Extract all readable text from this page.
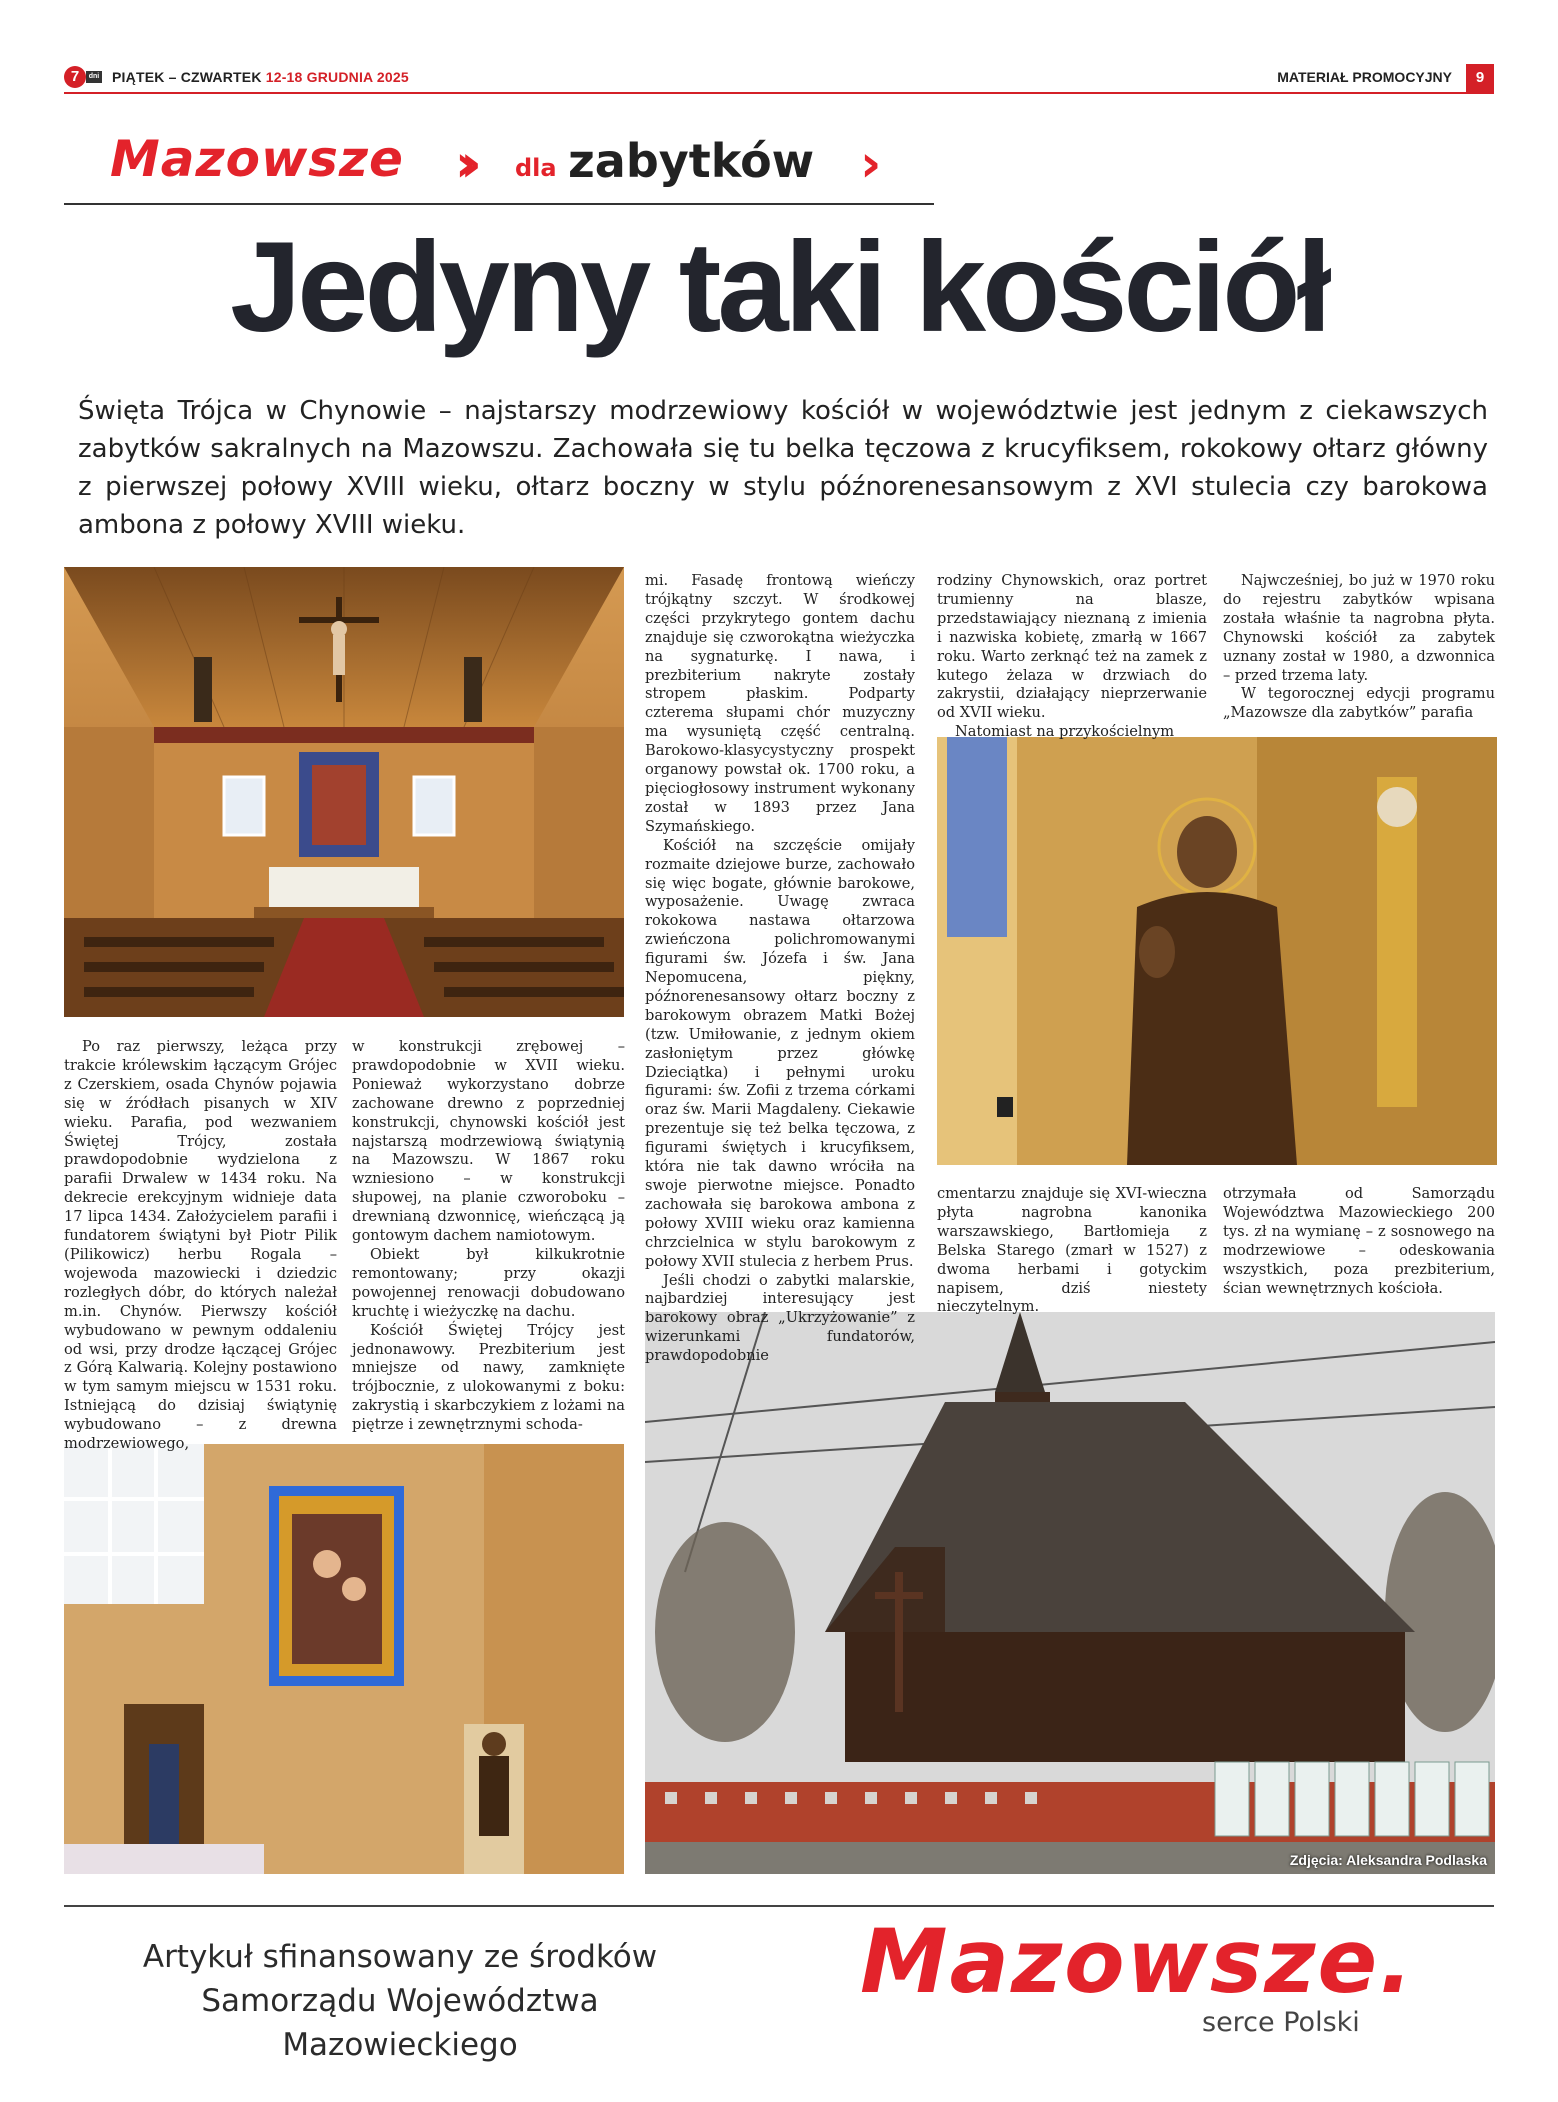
7	dni PIĄTEK – CZWARTEK 12-18 GRUDNIA 2025	MATERIAŁ PROMOCYJNY	9
Mazowsze ›› dla zabytków ›
Jedyny taki kościół
Święta Trójca w Chynowie – najstarszy modrzewiowy kościół w województwie jest jednym z ciekawszych zabytków sakralnych na Mazowszu. Zachowała się tu belka tęczowa z krucyfiksem, rokokowy ołtarz główny z pierwszej połowy XVIII wieku, ołtarz boczny w stylu późnorenesansowym z XVI stulecia czy barokowa ambona z połowy XVIII wieku.
Zdjęcia: Aleksandra Podlaska

Po raz pierwszy, leżąca przy trakcie królewskim łączącym Grójec z Czerskiem, osada Chynów pojawia się w źródłach pisanych w XIV wieku. Parafia, pod wezwaniem Świętej Trójcy, została prawdopodobnie wydzielona z parafii Drwalew w 1434 roku. Na dekrecie erekcyjnym widnieje data 17 lipca 1434. Założycielem parafii i fundatorem świątyni był Piotr Pilik (Pilikowicz) herbu Rogala – wojewoda mazowiecki i dziedzic rozległych dóbr, do których należał m.in. Chynów. Pierwszy kościół wybudowano w pewnym oddaleniu od wsi, przy drodze łączącej Grójec z Górą Kalwarią. Kolejny postawiono w tym samym miejscu w 1531 roku. Istniejącą do dzisiaj świątynię wybudowano – z drewna modrzewiowego,

w konstrukcji zrębowej – prawdopodobnie w XVII wieku. Ponieważ wykorzystano dobrze zachowane drewno z poprzedniej konstrukcji, chynowski kościół jest najstarszą modrzewiową świątynią na Mazowszu. W 1867 roku wzniesiono – w konstrukcji słupowej, na planie czworoboku – drewnianą dzwonnicę, wieńczącą ją gontowym dachem namiotowym.

Obiekt był kilkukrotnie remontowany; przy okazji powojennej renowacji dobudowano kruchtę i wieżyczkę na dachu.

Kościół Świętej Trójcy jest jednonawowy. Prezbiterium jest mniejsze od nawy, zamknięte trójbocznie, z ulokowanymi z boku: zakrystią i skarbczykiem z lożami na piętrze i zewnętrznymi schoda-

mi. Fasadę frontową wieńczy trójkątny szczyt. W środkowej części przykrytego gontem dachu znajduje się czworokątna wieżyczka na sygnaturkę. I nawa, i prezbiterium nakryte zostały stropem płaskim. Podparty czterema słupami chór muzyczny ma wysuniętą część centralną. Barokowo-klasycystyczny prospekt organowy powstał ok. 1700 roku, a pięciogłosowy instrument wykonany został w 1893 przez Jana Szymańskiego.

Kościół na szczęście omijały rozmaite dziejowe burze, zachowało się więc bogate, głównie barokowe, wyposażenie. Uwagę zwraca rokokowa nastawa ołtarzowa zwieńczona polichromowanymi figurami św. Józefa i św. Jana Nepomucena, piękny, późnorenesansowy ołtarz boczny z barokowym obrazem Matki Bożej (tzw. Umiłowanie, z jednym okiem zasłoniętym przez główkę Dzieciątka) i pełnymi uroku figurami: św. Zofii z trzema córkami oraz św. Marii Magdaleny. Ciekawie prezentuje się też belka tęczowa, z figurami świętych i krucyfiksem, która nie tak dawno wróciła na swoje pierwotne miejsce. Ponadto zachowała się barokowa ambona z połowy XVIII wieku oraz kamienna chrzcielnica w stylu barokowym z połowy XVII stulecia z herbem Prus.

Jeśli chodzi o zabytki malarskie, najbardziej interesujący jest barokowy obraz „Ukrzyżowanie” z wizerunkami fundatorów, prawdopodobnie

rodziny Chynowskich, oraz portret trumienny na blasze, przedstawiający nieznaną z imienia i nazwiska kobietę, zmarłą w 1667 roku. Warto zerknąć też na zamek z kutego żelaza w drzwiach do zakrystii, działający nieprzerwanie od XVII wieku.

Natomiast na przykościelnym

Najwcześniej, bo już w 1970 roku do rejestru zabytków wpisana została właśnie ta nagrobna płyta. Chynowski kościół za zabytek uznany został w 1980, a dzwonnica – przed trzema laty.

W tegorocznej edycji programu „Mazowsze dla zabytków” parafia

cmentarzu znajduje się XVI-wieczna płyta nagrobna kanonika warszawskiego, Bartłomieja z Belska Starego (zmarł w 1527) z dwoma herbami i gotyckim napisem, dziś niestety nieczytelnym.

otrzymała od Samorządu Województwa Mazowieckiego 200 tys. zł na wymianę – z sosnowego na modrzewiowe – odeskowania wszystkich, poza prezbiterium, ścian wewnętrznych kościoła.

Artykuł sfinansowany ze środków
Samorządu Województwa Mazowieckiego
Mazowsze.
serce Polski
